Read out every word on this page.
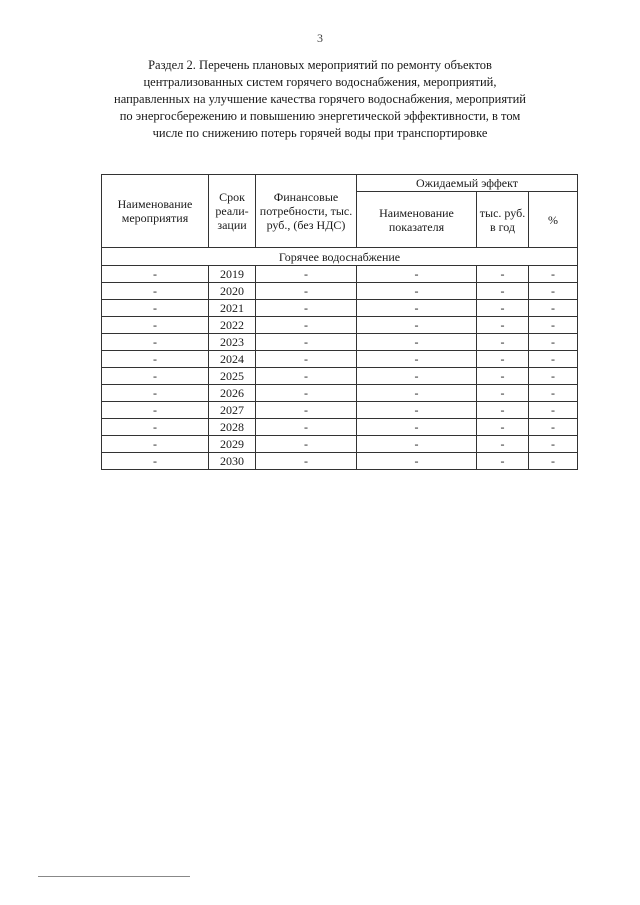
3
Раздел 2. Перечень плановых мероприятий по ремонту объектов
централизованных систем горячего водоснабжения, мероприятий,
направленных на улучшение качества горячего водоснабжения, мероприятий
по энергосбережению и повышению энергетической эффективности, в том
числе по снижению потерь горячей воды при транспортировке
Наименование мероприятия	Срок реали-зации	Финансовые потребности, тыс. руб., (без НДС)	Ожидаемый эффект		
			Наименование показателя	тыс. руб. в год	%
Горячее водоснабжение					
-	2019	-	-	-	-
-	2020	-	-	-	-
-	2021	-	-	-	-
-	2022	-	-	-	-
-	2023	-	-	-	-
-	2024	-	-	-	-
-	2025	-	-	-	-
-	2026	-	-	-	-
-	2027	-	-	-	-
-	2028	-	-	-	-
-	2029	-	-	-	-
-	2030	-	-	-	-
